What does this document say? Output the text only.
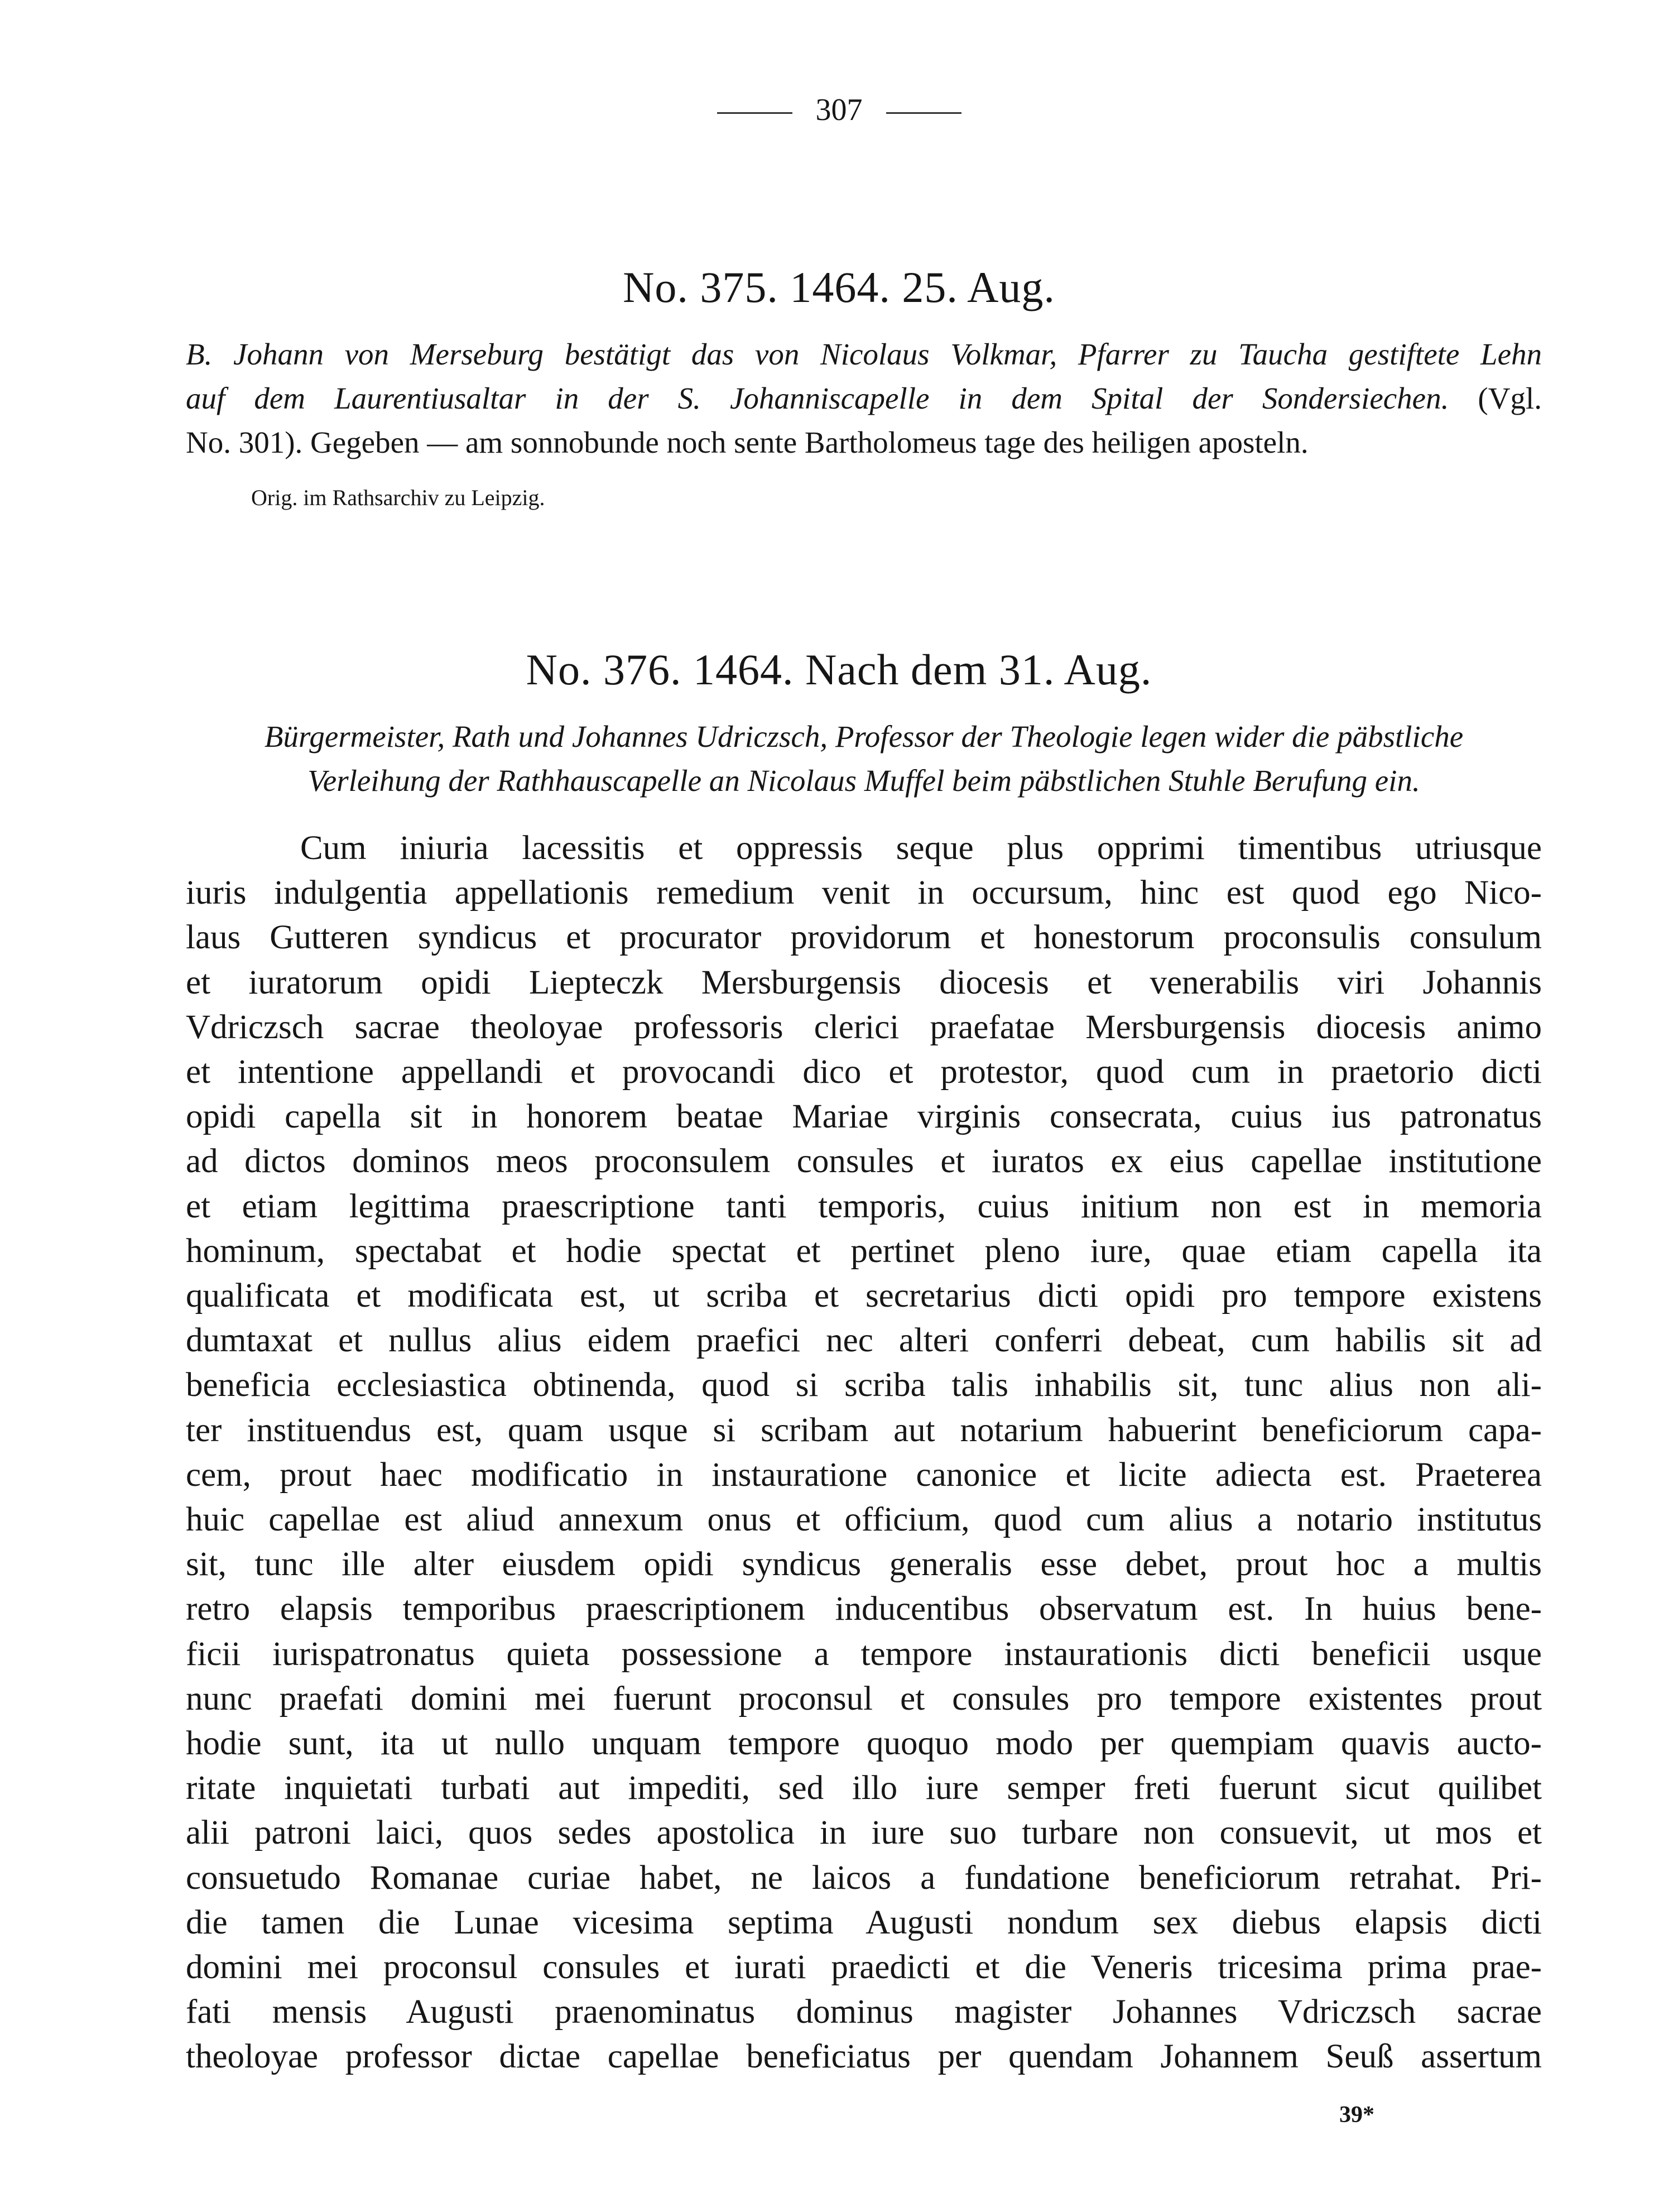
307
No. 375. 1464. 25. Aug.
B. Johann von Merseburg bestätigt das von Nicolaus Volkmar, Pfarrer zu Taucha gestiftete Lehn
auf dem Laurentiusaltar in der S. Johanniscapelle in dem Spital der Sondersiechen. (Vgl.
No. 301). Gegeben — am sonnobunde noch sente Bartholomeus tage des heiligen aposteln.
Orig. im Rathsarchiv zu Leipzig.
No. 376. 1464. Nach dem 31. Aug.
Bürgermeister, Rath und Johannes Udriczsch, Professor der Theologie legen wider die päbstliche
Verleihung der Rathhauscapelle an Nicolaus Muffel beim päbstlichen Stuhle Berufung ein.
Cum iniuria lacessitis et oppressis seque plus opprimi timentibus utriusque
iuris indulgentia appellationis remedium venit in occursum, hinc est quod ego Nico-
laus Gutteren syndicus et procurator providorum et honestorum proconsulis consulum
et iuratorum opidi Liepteczk Mersburgensis diocesis et venerabilis viri Johannis
Vdriczsch sacrae theoloyae professoris clerici praefatae Mersburgensis diocesis animo
et intentione appellandi et provocandi dico et protestor, quod cum in praetorio dicti
opidi capella sit in honorem beatae Mariae virginis consecrata, cuius ius patronatus
ad dictos dominos meos proconsulem consules et iuratos ex eius capellae institutione
et etiam legittima praescriptione tanti temporis, cuius initium non est in memoria
hominum, spectabat et hodie spectat et pertinet pleno iure, quae etiam capella ita
qualificata et modificata est, ut scriba et secretarius dicti opidi pro tempore existens
dumtaxat et nullus alius eidem praefici nec alteri conferri debeat, cum habilis sit ad
beneficia ecclesiastica obtinenda, quod si scriba talis inhabilis sit, tunc alius non ali-
ter instituendus est, quam usque si scribam aut notarium habuerint beneficiorum capa-
cem, prout haec modificatio in instauratione canonice et licite adiecta est. Praeterea
huic capellae est aliud annexum onus et officium, quod cum alius a notario institutus
sit, tunc ille alter eiusdem opidi syndicus generalis esse debet, prout hoc a multis
retro elapsis temporibus praescriptionem inducentibus observatum est. In huius bene-
ficii iurispatronatus quieta possessione a tempore instaurationis dicti beneficii usque
nunc praefati domini mei fuerunt proconsul et consules pro tempore existentes prout
hodie sunt, ita ut nullo unquam tempore quoquo modo per quempiam quavis aucto-
ritate inquietati turbati aut impediti, sed illo iure semper freti fuerunt sicut quilibet
alii patroni laici, quos sedes apostolica in iure suo turbare non consuevit, ut mos et
consuetudo Romanae curiae habet, ne laicos a fundatione beneficiorum retrahat. Pri-
die tamen die Lunae vicesima septima Augusti nondum sex diebus elapsis dicti
domini mei proconsul consules et iurati praedicti et die Veneris tricesima prima prae-
fati mensis Augusti praenominatus dominus magister Johannes Vdriczsch sacrae
theoloyae professor dictae capellae beneficiatus per quendam Johannem Seuß assertum
39*
